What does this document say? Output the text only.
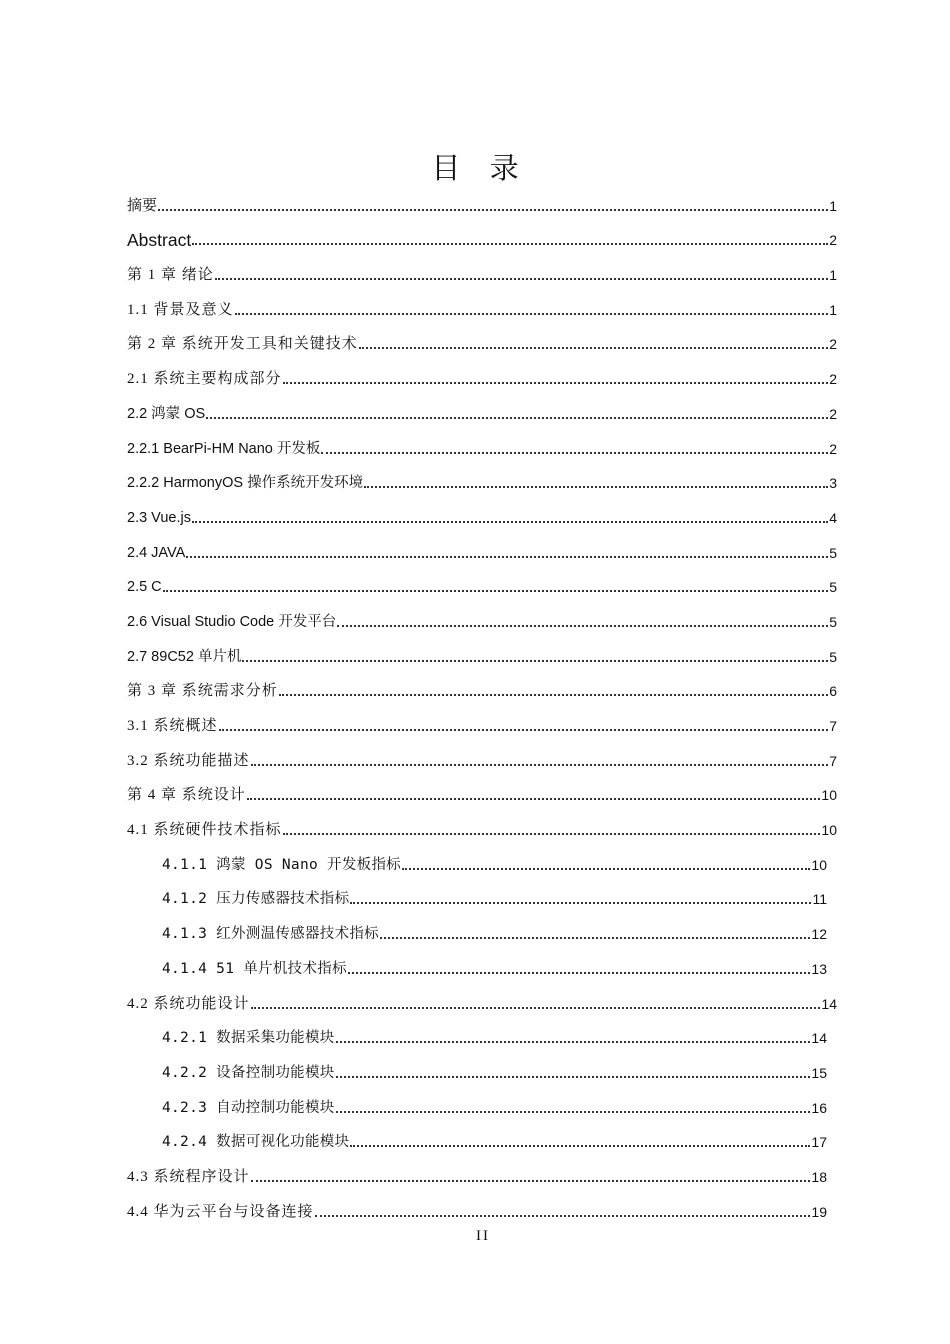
目 录
摘要	1
Abstract	2
第 1 章 绪论	1
1.1 背景及意义	1
第 2 章 系统开发工具和关键技术	2
2.1 系统主要构成部分	2
2.2 鸿蒙 OS	2
2.2.1 BearPi-HM Nano 开发板	2
2.2.2 HarmonyOS 操作系统开发环境	3
2.3 Vue.js	4
2.4 JAVA	5
2.5 C	5
2.6 Visual Studio Code 开发平台	5
2.7 89C52 单片机	5
第 3 章 系统需求分析	6
3.1 系统概述	7
3.2 系统功能描述	7
第 4 章 系统设计	10
4.1 系统硬件技术指标	10
4.1.1 鸿蒙 OS Nano 开发板指标	10
4.1.2 压力传感器技术指标	11
4.1.3 红外测温传感器技术指标	12
4.1.4 51 单片机技术指标	13
4.2 系统功能设计	14
4.2.1 数据采集功能模块	14
4.2.2 设备控制功能模块	15
4.2.3 自动控制功能模块	16
4.2.4 数据可视化功能模块	17
4.3 系统程序设计	18
4.4 华为云平台与设备连接	19
II
